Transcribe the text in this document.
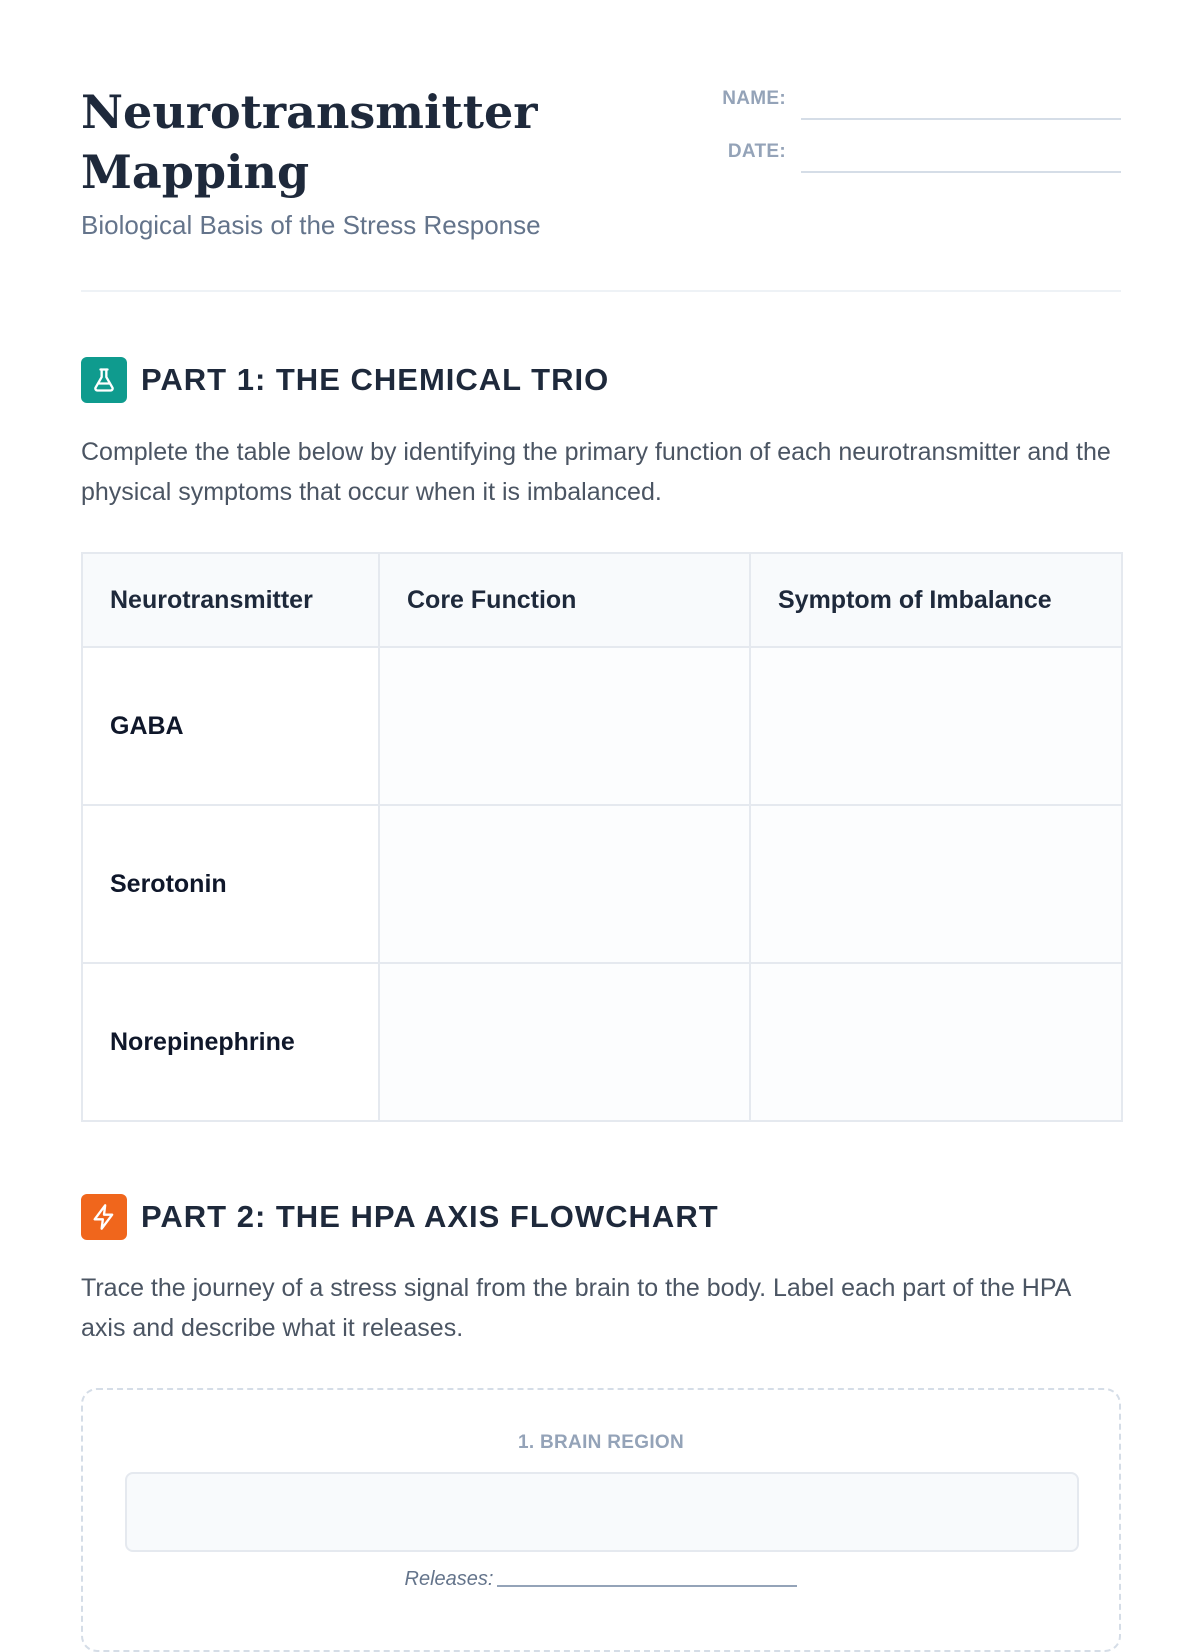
Neurotransmitter Mapping
Biological Basis of the Stress Response
NAME:
DATE:
PART 1: THE CHEMICAL TRIO

Complete the table below by identifying the primary function of each neurotransmitter and the physical symptoms that occur when it is imbalanced.

Neurotransmitter	Core Function	Symptom of Imbalance
GABA		
Serotonin		
Norepinephrine		
PART 2: THE HPA AXIS FLOWCHART

Trace the journey of a stress signal from the brain to the body. Label each part of the HPA axis and describe what it releases.

1. BRAIN REGION
Releases:
